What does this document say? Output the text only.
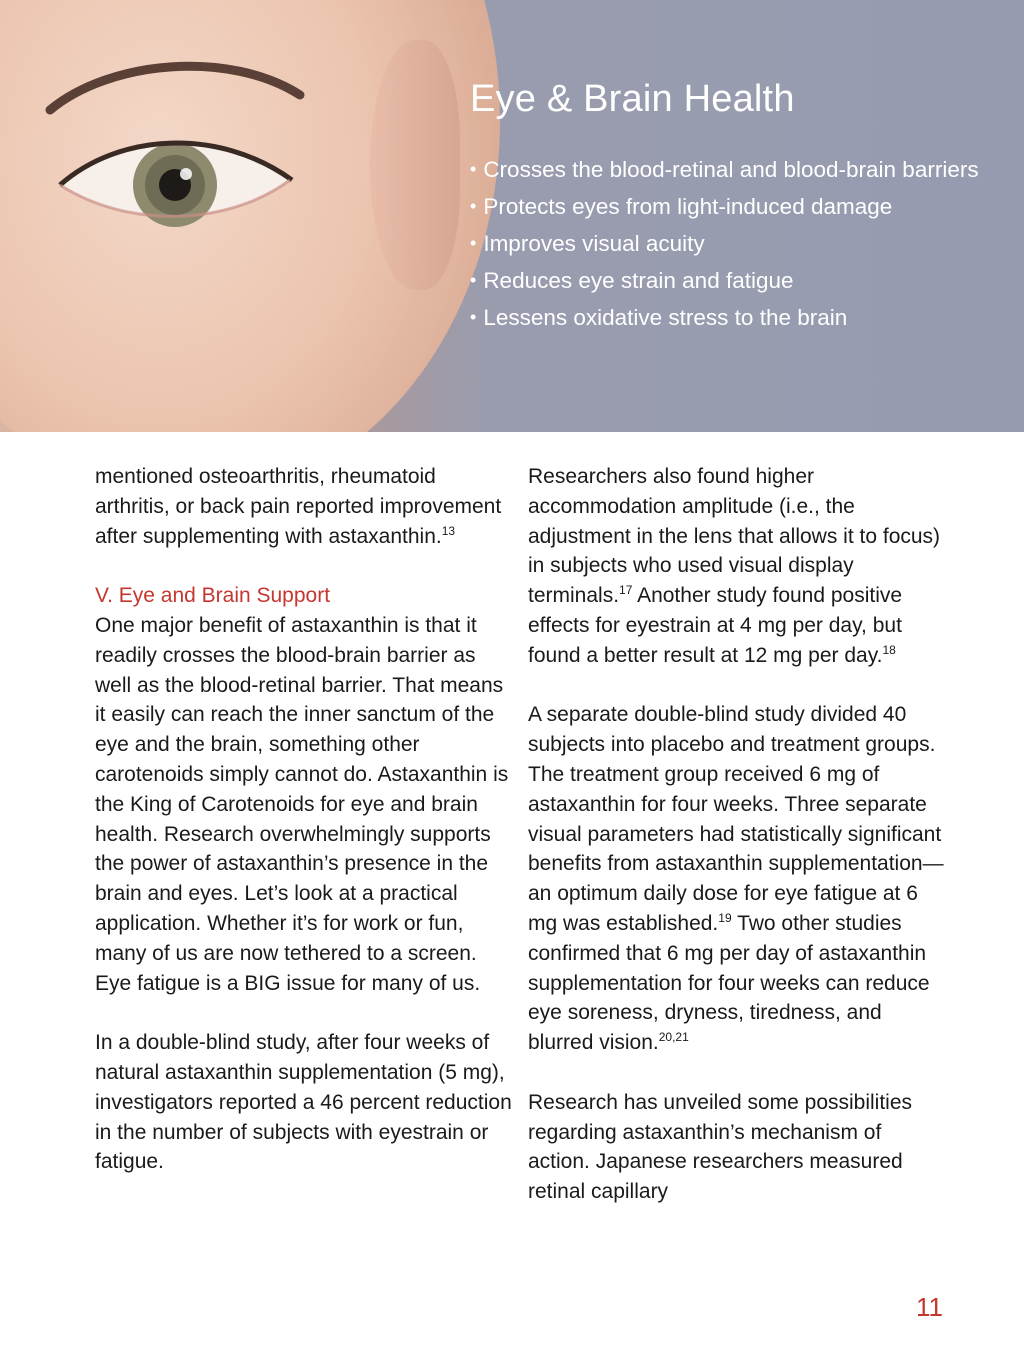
Eye & Brain Health
• Crosses the blood-retinal and blood-brain barriers
• Protects eyes from light-induced damage
• Improves visual acuity
• Reduces eye strain and fatigue
• Lessens oxidative stress to the brain

mentioned osteoarthritis, rheumatoid arthritis, or back pain reported improvement after supplementing with astaxanthin.$^{13}$

V. Eye and Brain Support
One major benefit of astaxanthin is that it readily crosses the blood-brain barrier as well as the blood-retinal barrier. That means it easily can reach the inner sanctum of the eye and the brain, something other carotenoids simply cannot do. Astaxanthin is the King of Carotenoids for eye and brain health. Research overwhelmingly supports the power of astaxanthin’s presence in the brain and eyes. Let’s look at a practical application. Whether it’s for work or fun, many of us are now tethered to a screen. Eye fatigue is a BIG issue for many of us.

In a double-blind study, after four weeks of natural astaxanthin supplementation (5 mg), investigators reported a 46 percent reduction in the number of subjects with eyestrain or fatigue.

Researchers also found higher accommodation amplitude (i.e., the adjustment in the lens that allows it to focus) in subjects who used visual display terminals.$^{17}$ Another study found positive effects for eyestrain at 4 mg per day, but found a better result at 12 mg per day.$^{18}$

A separate double-blind study divided 40 subjects into placebo and treatment groups. The treatment group received 6 mg of astaxanthin for four weeks. Three separate visual parameters had statistically significant benefits from astaxanthin supplementation—an optimum daily dose for eye fatigue at 6 mg was established.$^{19}$ Two other studies confirmed that 6 mg per day of astaxanthin supplementation for four weeks can reduce eye soreness, dryness, tiredness, and blurred vision.$^{20,21}$

Research has unveiled some possibilities regarding astaxanthin’s mechanism of action. Japanese researchers measured retinal capillary

11
